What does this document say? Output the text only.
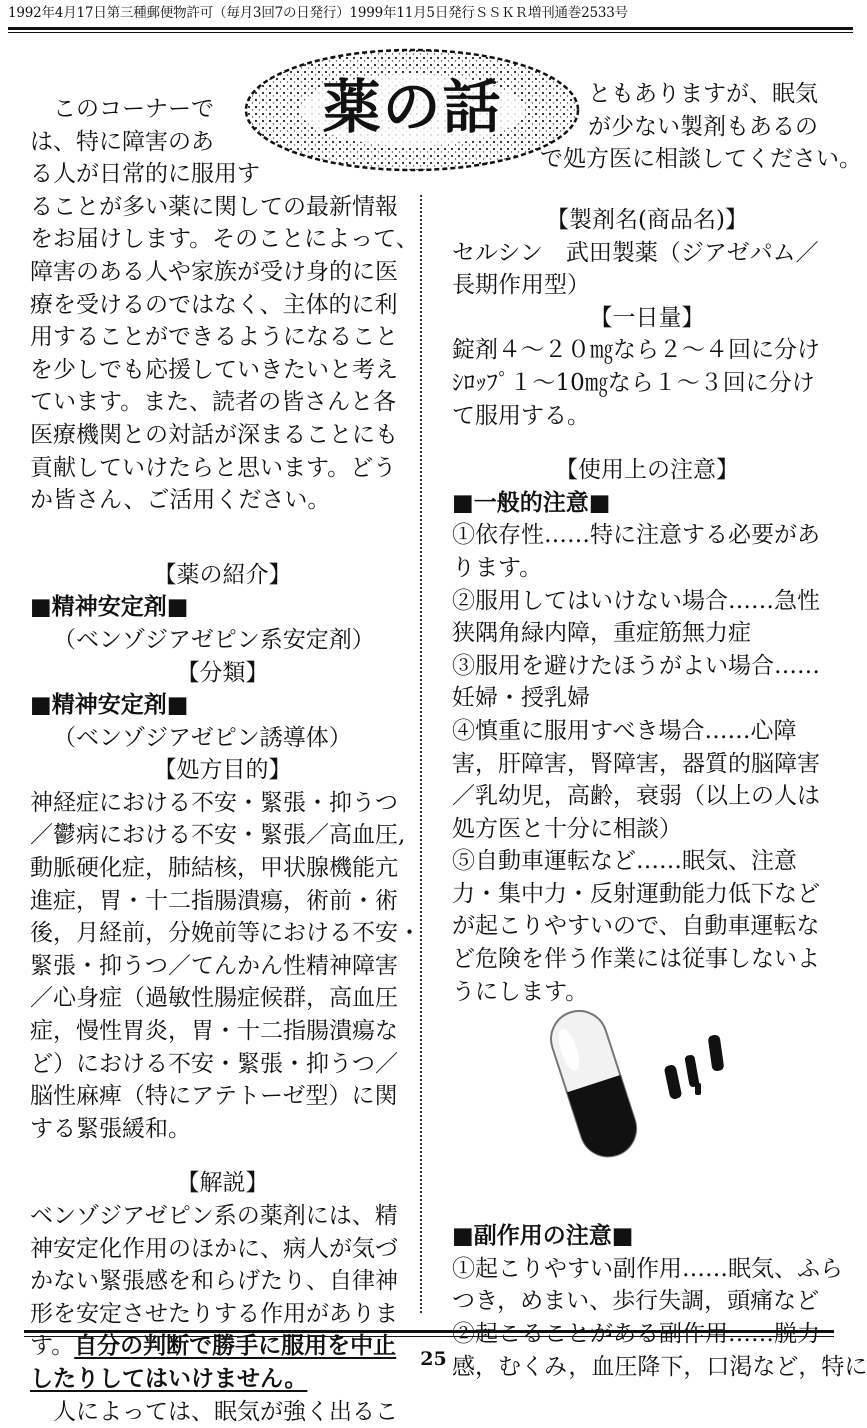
1992年4月17日第三種郵便物許可（毎月3回7の日発行）1999年11月5日発行ＳＳＫＲ増刊通巻2533号
薬の話

このコーナーで

は、特に障害のあ

る人が日常的に服用す

ることが多い薬に関しての最新情報

をお届けします。そのことによって、

障害のある人や家族が受け身的に医

療を受けるのではなく、主体的に利

用することができるようになること

を少しでも応援していきたいと考え

ています。また、読者の皆さんと各

医療機関との対話が深まることにも

貢献していけたらと思います。どう

か皆さん、ご活用ください。

【薬の紹介】

■精神安定剤■

（ベンゾジアゼピン系安定剤）

【分類】

■精神安定剤■

（ベンゾジアゼピン誘導体）

【処方目的】

神経症における不安・緊張・抑うつ

／鬱病における不安・緊張／高血圧,

動脈硬化症，肺結核，甲状腺機能亢

進症，胃・十二指腸潰瘍，術前・術

後，月経前，分娩前等における不安・

緊張・抑うつ／てんかん性精神障害

／心身症（過敏性腸症候群，高血圧

症，慢性胃炎，胃・十二指腸潰瘍な

ど）における不安・緊張・抑うつ／

脳性麻痺（特にアテトーゼ型）に関

する緊張緩和。

【解説】

ベンゾジアゼピン系の薬剤には、精

神安定化作用のほかに、病人が気づ

かない緊張感を和らげたり、自律神

形を安定させたりする作用がありま

す。自分の判断で勝手に服用を中止

したりしてはいけません。

人によっては、眠気が強く出るこ

ともありますが、眠気

が少ない製剤もあるの

で処方医に相談してください。

【製剤名(商品名)】

セルシン　武田製薬（ジアゼパム／

長期作用型）

【一日量】

錠剤４～２０㎎なら２～４回に分け

ｼﾛｯﾌﾟ１～10㎎なら１～３回に分け

て服用する。

【使用上の注意】

■一般的注意■

①依存性……特に注意する必要があ

ります。

②服用してはいけない場合……急性

狭隅角緑内障，重症筋無力症

③服用を避けたほうがよい場合……

妊婦・授乳婦

④慎重に服用すべき場合……心障

害，肝障害，腎障害，器質的脳障害

／乳幼児，高齢，衰弱（以上の人は

処方医と十分に相談）

⑤自動車運転など……眠気、注意

力・集中力・反射運動能力低下など

が起こりやすいので、自動車運転な

ど危険を伴う作業には従事しないよ

うにします。

■副作用の注意■

①起こりやすい副作用……眠気、ふら

つき，めまい、歩行失調，頭痛など

②起こることがある副作用……脱力

感，むくみ，血圧降下，口渇など，特に

25
